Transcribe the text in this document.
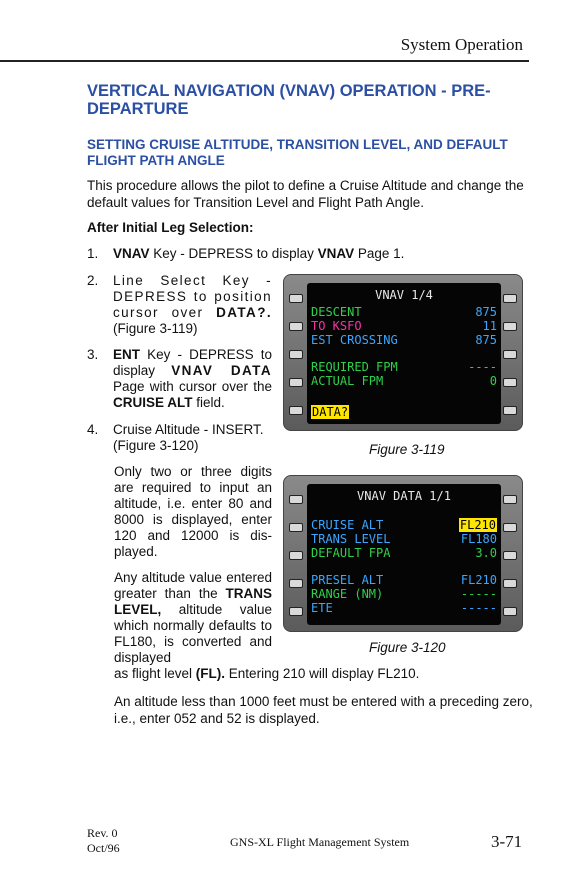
System Operation
VERTICAL NAVIGATION (VNAV) OPERATION - PRE-DEPARTURE
SETTING CRUISE ALTITUDE, TRANSITION LEVEL, AND DEFAULT FLIGHT PATH ANGLE
This procedure allows the pilot to define a Cruise Altitude and change the default values for Transition Level and Flight Path Angle.
After Initial Leg Selection:
1. VNAV Key - DEPRESS to display VNAV Page 1.
2. Line Select Key - DEPRESS to position cursor over DATA?. (Figure 3-119)
3. ENT Key - DEPRESS to display VNAV DATA Page with cursor over the CRUISE ALT field.
4. Cruise Altitude - INSERT. (Figure 3-120)
Only two or three digits are required to input an altitude, i.e. enter 80 and 8000 is displayed, enter 120 and 12000 is dis-played.
Any altitude value entered greater than the TRANS LEVEL, altitude value which normally defaults to FL180, is converted and displayed
as flight level (FL). Entering 210 will display FL210.
An altitude less than 1000 feet must be entered with a preceding zero, i.e., enter 052 and 52 is displayed.
VNAV 1/4
DESCENT	875
TO KSFO	11
EST CROSSING	875
REQUIRED FPM	----
ACTUAL FPM	0
DATA?
Figure 3-119
VNAV DATA 1/1
CRUISE ALT	FL210
TRANS LEVEL	FL180
DEFAULT FPA	3.0
PRESEL ALT	FL210
RANGE (NM)	-----
ETE	-----
Figure 3-120
Rev. 0
Oct/96	GNS-XL Flight Management System	3-71
